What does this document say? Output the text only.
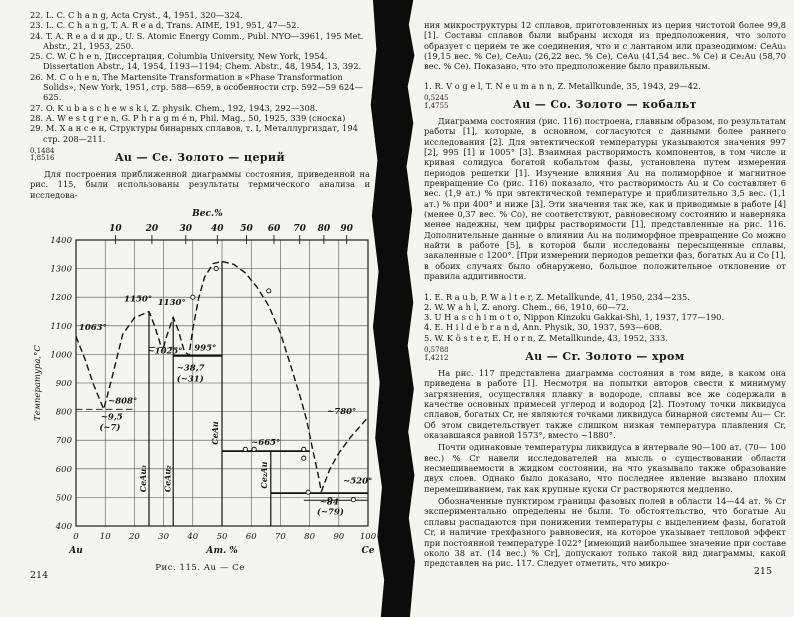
22. L. C. C h a n g, Acta Cryst., 4, 1951, 320—324.
23. L. C. C h a n g, T. A. R e a d, Trans. AIME, 191, 951, 47—52.
24. T. A. R e a d и др., U. S. Atomic Energy Comm., Publ. NYO—3961, 195 Met. Abstr., 21, 1953, 250.
25. C. W. C h e n, Диссертация, Columbia University, New York, 1954. Dissertation Abstr., 14, 1954, 1193—1194; Chem. Abstr., 48, 1954, 13, 392.
26. M. C o h e n, The Martensite Transformation в «Phase Transformation Solids», New York, 1951, стр. 588—659, в особенности стр. 592—59 624—625.
27. O. K u b a s c h e w s k i, Z. physik. Chem., 192, 1943, 292—308.
28. A. W e s t g r e n, G. P h r a g m é n, Phil. Mag., 50, 1925, 339 (сноска)
29. М. Х а н с е н, Структуры бинарных сплавов, т. I, Металлургиздат, 194 стр. 208—211.
0,1484
1̄,8516	Au — Ce. Золото — церий

Для построения приближенной диаграммы состояния, приведенной на рис. 115, были использованы результаты термического анализа и исследова-

400
500
600
700
800
900
1000
1100
1200
1300
1400
Температура,°C
0 10 20 30 40 50 60 70 80 90 100
Au	Ат. %	Ce
Вес.%
10	20 30 40 50 60 70 80 90
1063°
1150° 1130°
~1025° 995°
~38,7
(~31)
~808°
~9,5
(~7)
~665°
~780°
~520°
~84
(~79)
CeAu₃ CeAu₂
CeAu
Ce₂Au
Рис. 115. Au — Ce
214

ния микроструктуры 12 сплавов, приготовленных из церия чистотой более 99,8 [1]. Составы сплавов были выбраны исходя из предположения, что золото образует с церием те же соединения, что и с лантаном или празеодимом: CeAu₃ (19,15 вес. % Ce), CeAu₂ (26,22 вес. % Ce), CeAu (41,54 вес. % Ce) и Ce₂Au (58,70 вес. % Ce). Показано, что это предположение было правильным.

1. R. V o g e l, T. N e u m a n n, Z. Metallkunde, 35, 1943, 29—42.
0,5245
1̄,4755	Au — Co. Золото — кобальт

Диаграмма состояния (рис. 116) построена, главным образом, по результатам работы [1], которые, в основном, согласуются с данными более раннего исследования [2]. Для эвтектической температуры указываются значения 997 [2], 995 [1] и 1005° [3]. Взаимная растворимость компонентов, в том числе и кривая солидуса богатой кобальтом фазы, установлена путем измерения периодов решетки [1]. Изучение влияния Au на полиморфное и магнитное превращение Co (рис. 116) показало, что растворимость Au и Co составляет 6 вес. (1,9 ат.) % при эвтектической температуре и приблизительно 3,5 вес. (1,1 ат.) % при 400° и ниже [3]. Эти значения так же, как и приводимые в работе [4] (менее 0,37 вес. % Co), не соответствуют, равновесному состоянию и наверняка менее надежны, чем цифры растворимости [1], представленные на рис. 116. Дополнительные данные о влиянии Au на полиморфное превращение Co можно найти в работе [5], в которой были исследованы пересыщенные сплавы, закаленные с 1200°. [При измерении периодов решетки фаз, богатых Au и Co [1], в обоих случаях было обнаружено, большое положительное отклонение от правила аддитивности.

1. E. R a u b, P. W a l t e r, Z. Metallkunde, 41, 1950, 234—235.
2. W. W a h l, Z. anorg. Chem., 66, 1910, 60—72.
3. U H a s c h i m o t o, Nippon Kinzoku Gakkai-Shi, 1, 1937, 177—190.
4. E. H i l d e b r a n d, Ann. Physik, 30, 1937, 593—608.
5. W. K ö s t e r, E. H o r n, Z. Metallkunde, 43, 1952, 333.
0,5788
1̄,4212	Au — Cr. Золото — хром

На рис. 117 представлена диаграмма состояния в том виде, в каком она приведена в работе [1]. Несмотря на попытки авторов свести к минимуму загрязнения, осуществляя плавку в водороде, сплавы все же содержали в качестве основных примесей углерод и водород [2]. Поэтому точки ликвидуса сплавов, богатых Cr, не являются точками ликвидуса бинарной системы Au— Cr. Об этом свидетельствует также слишком низкая температура плавления Cr, оказавшаяся равной 1573°, вместо ~1880°.

Почти одинаковые температуры ликвидуса в интервале 90—100 ат. (70— 100 вес.) % Cr навели исследователей на мысль о существовании области несмешиваемости в жидком состоянии, на что указывало также образование двух слоев. Однако было доказано, что последнее явление вызвано плохим перемешиванием, так как крупные куски Cr растворяются медленно.

Обозначенные пунктиром границы фазовых полей в области 14—44 ат. % Cr экспериментально определены не были. То обстоятельство, что богатые Au сплавы распадаются при понижении температуры с выделением фазы, богатой Cr, и наличие трехфазного равновесия, на которое указывает тепловой эффект при постоянной температуре 1022° [имеющий наибольшее значение при составе около 38 ат. (14 вес.) % Cr], допускают только такой вид диаграммы, какой представлен на рис. 117. Следует отметить, что микро-

215
